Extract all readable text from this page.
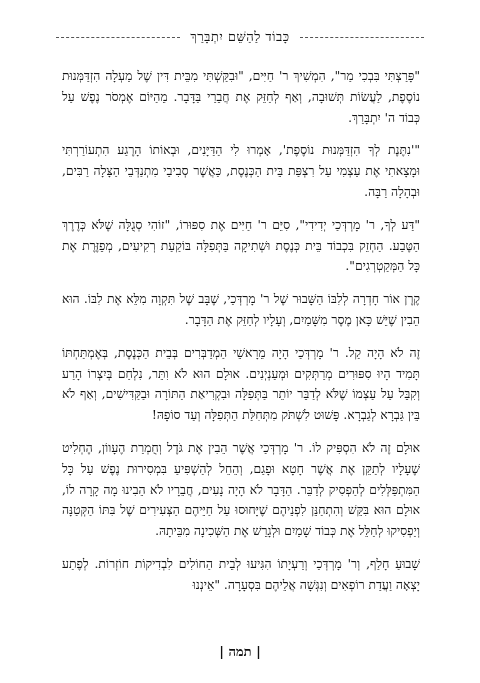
כָּבוֹד לַהַשֵּׁם יִתְבָּרַךְ

"פָּרַצְתִּי בִּבְכִי מַר", הִמְשִׁיךְ ר' חַיִּים, "וּבִקַּשְׁתִּי מִבֵּית דִּין שֶׁל מַעְלָה הִזְדַּמְּנוּת נוֹסֶפֶת, לַעֲשׂוֹת תְּשׁוּבָה, וְאַף לְחַזֵּק אֶת חֲבֵרַי בַּדָּבָר. מֵהַיּוֹם אֶמְסֹר נֶפֶשׁ עַל כְּבוֹד ה' יִתְבָּרַךְ.

"'נִתֶּנֶת לְךָ הִזְדַּמְּנוּת נוֹסֶפֶת', אָמְרוּ לִי הַדַּיָּנִים, וּבְאוֹתוֹ הָרֶגַע הִתְעוֹרַרְתִּי וּמָצָאתִי אֶת עַצְמִי עַל רִצְפַּת בֵּית הַכְּנֶסֶת, כַּאֲשֶׁר סְבִיבַי מִתְנַדְּבֵי הַצָּלָה רַבִּים, וּבְהָלָה רַבָּה.

"דַּע לְךָ, ר' מָרְדְּכַי יְדִידִי", סִיֵּם ר' חַיִּים אֶת סִפּוּרוֹ, "זוֹהִי סְגֻלָּה שֶׁלֹּא כְּדֶרֶךְ הַטֶּבַע. הַחְזֵק בִּכְבוֹד בֵּית כְּנֶסֶת וּשְׁתִיקָה בַּתְּפִלָּה בּוֹקַעַת רְקִיעִים, מְפֵזֶּרֶת אֶת כָּל הַמְּקַטְרְגִים".

קֶרֶן אוֹר חָדְרָה לְלִבּוֹ הַשָּׁבוּר שֶׁל ר' מָרְדְּכַי, שֶׁבָּב שֶׁל תִּקְוָה מִלֵּא אֶת לִבּוֹ. הוּא הֵבִין שֶׁיֵּשׁ כָּאן מֶסֶר מִשָּׁמַיִם, וְעָלָיו לְחַזֵּק אֶת הַדָּבָר.

זֶה לֹא הָיָה קַל. ר' מָרְדְּכַי הָיָה מֵרָאשֵׁי הַמְדַבְּרִים בְּבֵית הַכְּנֶסֶת, בְּאֶמְתַּחְתּוֹ תָּמִיד הָיוּ סִפּוּרִים מְרַתְּקִים וּמְעַנְיְנִים. אוּלָם הוּא לֹא וִתֵּר, נִלְחַם בְּיִצְרוֹ הָרַע וְקִבֵּל עַל עַצְמוֹ שֶׁלֹּא לְדַבֵּר יוֹתֵר בַּתְּפִלָּה וּבִקְרִיאַת הַתּוֹרָה וּבַקַּדִּישִׁים, וְאַף לֹא בֵּין גַּבְרָא לְגַבְרָא. פָּשׁוּט לִשְׁתֹּק מִתְּחִלַּת הַתְּפִלָּה וְעַד סוֹפָהּ!

אוּלָם זֶה לֹא הִסְפִּיק לוֹ. ר' מָרְדְּכַי אֲשֶׁר הֵבִין אֶת גֹּדֶל וְחֻמְרַת הֶעָווֹן, הֶחְלִיט שֶׁעָלָיו לְתַקֵּן אֶת אֲשֶׁר חָטָא וּפָגַם, וְהֵחֵל לְהַשְׁפִּיעַ בִּמְסִירוּת נֶפֶשׁ עַל כָּל הַמִּתְפַּלְּלִים לְהַפְסִיק לְדַבֵּר. הַדָּבָר לֹא הָיָה נָעִים, חֲבֵרָיו לֹא הֵבִינוּ מָה קָרָה לוֹ, אוּלָם הוּא בִּקֵּשׁ וְהִתְחַנֵּן לִפְנֵיהֶם שֶׁיָּחוּסוּ עַל חַיֵּיהֶם הַצְּעִירִים שֶׁל בִּתּוֹ הַקְּטַנָּה וְיַפְסִיקוּ לְחַלֵּל אֶת כְּבוֹד שָׁמַיִם וּלְגָרֵשׁ אֶת הַשְּׁכִינָה מִבֵּיתָהּ.

שָׁבוּעַ חָלַף, וְר' מָרְדְּכַי וְרַעְיָתוֹ הִגִּיעוּ לְבֵית הַחוֹלִים לִבְדִיקוֹת חוֹזְרוֹת. לְפֶתַע יָצְאָה וַעֲדַת רוֹפְאִים וְנִגְּשָׁה אֲלֵיהֶם בִּסְעָרָה. "אֵינְנוּ

| תמה |
